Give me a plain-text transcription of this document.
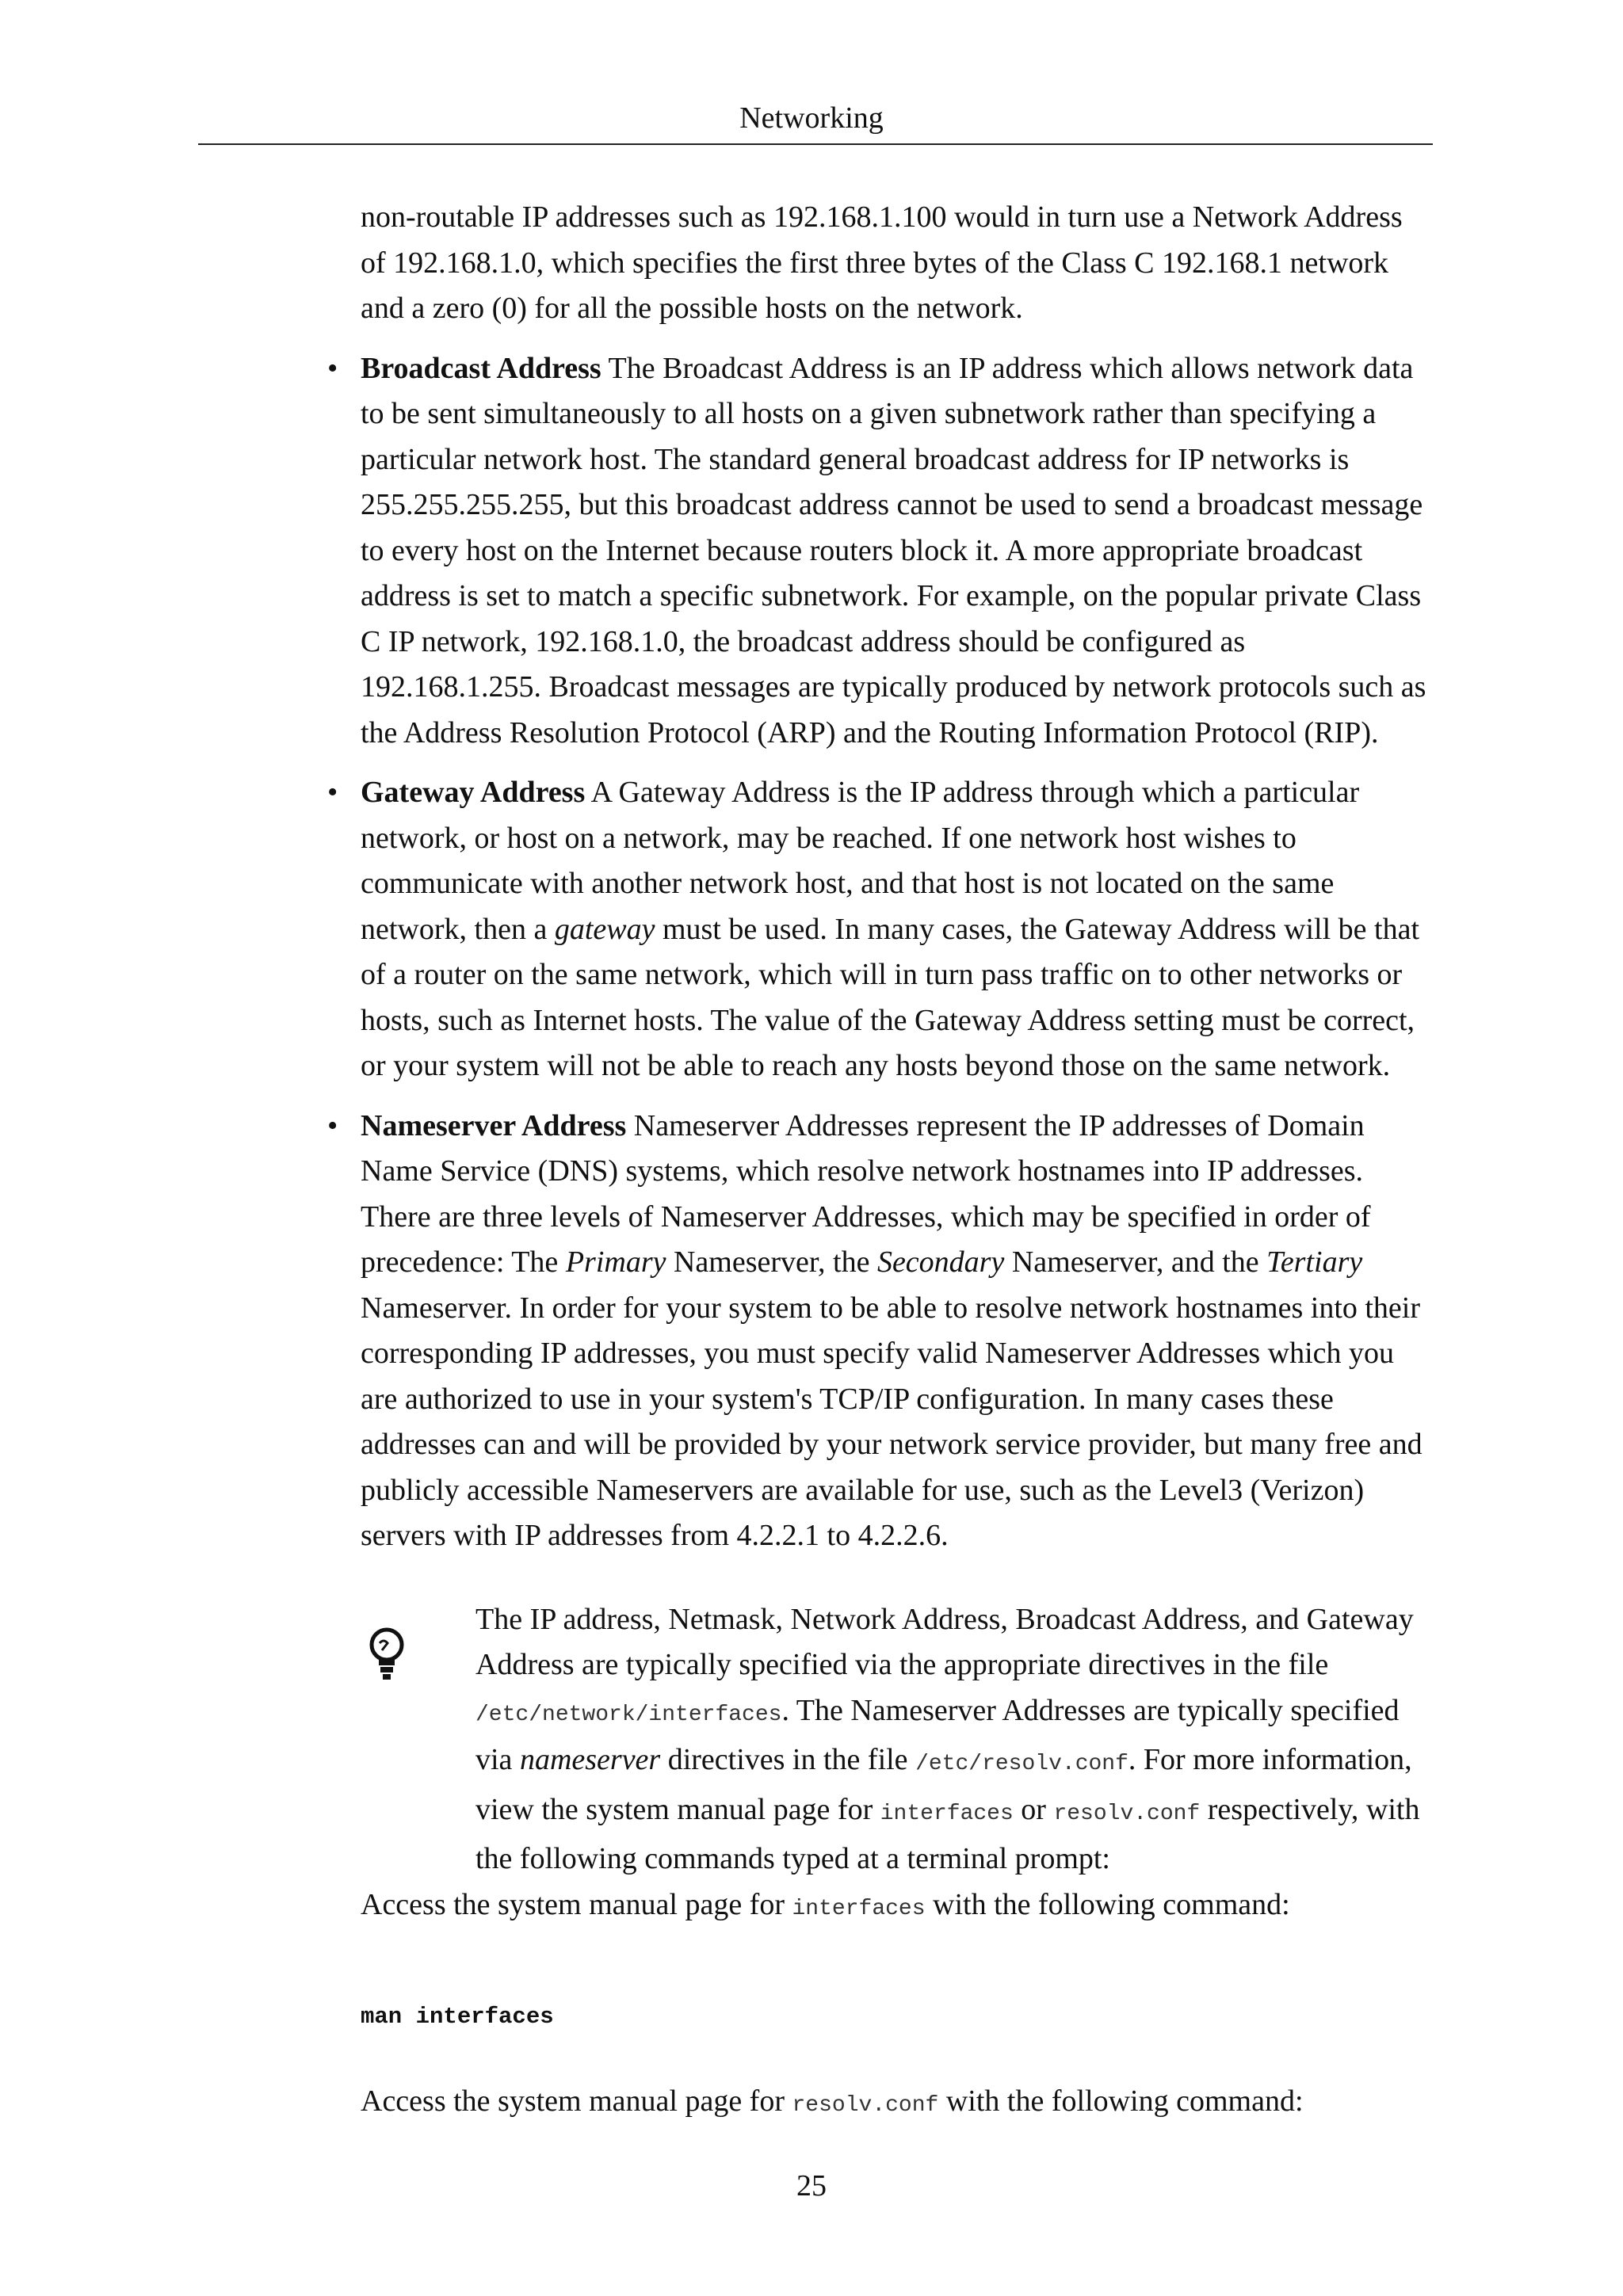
Networking

non-routable IP addresses such as 192.168.1.100 would in turn use a Network Address of 192.168.1.0, which specifies the first three bytes of the Class C 192.168.1 network and a zero (0) for all the possible hosts on the network.

• Broadcast Address The Broadcast Address is an IP address which allows network data to be sent simultaneously to all hosts on a given subnetwork rather than specifying a particular network host. The standard general broadcast address for IP networks is 255.255.255.255, but this broadcast address cannot be used to send a broadcast message to every host on the Internet because routers block it. A more appropriate broadcast address is set to match a specific subnetwork. For example, on the popular private Class C IP network, 192.168.1.0, the broadcast address should be configured as 192.168.1.255. Broadcast messages are typically produced by network protocols such as the Address Resolution Protocol (ARP) and the Routing Information Protocol (RIP).

• Gateway Address A Gateway Address is the IP address through which a particular network, or host on a network, may be reached. If one network host wishes to communicate with another network host, and that host is not located on the same network, then a gateway must be used. In many cases, the Gateway Address will be that of a router on the same network, which will in turn pass traffic on to other networks or hosts, such as Internet hosts. The value of the Gateway Address setting must be correct, or your system will not be able to reach any hosts beyond those on the same network.

• Nameserver Address Nameserver Addresses represent the IP addresses of Domain Name Service (DNS) systems, which resolve network hostnames into IP addresses. There are three levels of Nameserver Addresses, which may be specified in order of precedence: The Primary Nameserver, the Secondary Nameserver, and the Tertiary Nameserver. In order for your system to be able to resolve network hostnames into their corresponding IP addresses, you must specify valid Nameserver Addresses which you are authorized to use in your system's TCP/IP configuration. In many cases these addresses can and will be provided by your network service provider, but many free and publicly accessible Nameservers are available for use, such as the Level3 (Verizon) servers with IP addresses from 4.2.2.1 to 4.2.2.6.

The IP address, Netmask, Network Address, Broadcast Address, and Gateway Address are typically specified via the appropriate directives in the file /etc/network/interfaces. The Nameserver Addresses are typically specified via nameserver directives in the file /etc/resolv.conf. For more information, view the system manual page for interfaces or resolv.conf respectively, with the following commands typed at a terminal prompt:

Access the system manual page for interfaces with the following command:

man interfaces

Access the system manual page for resolv.conf with the following command:

25
